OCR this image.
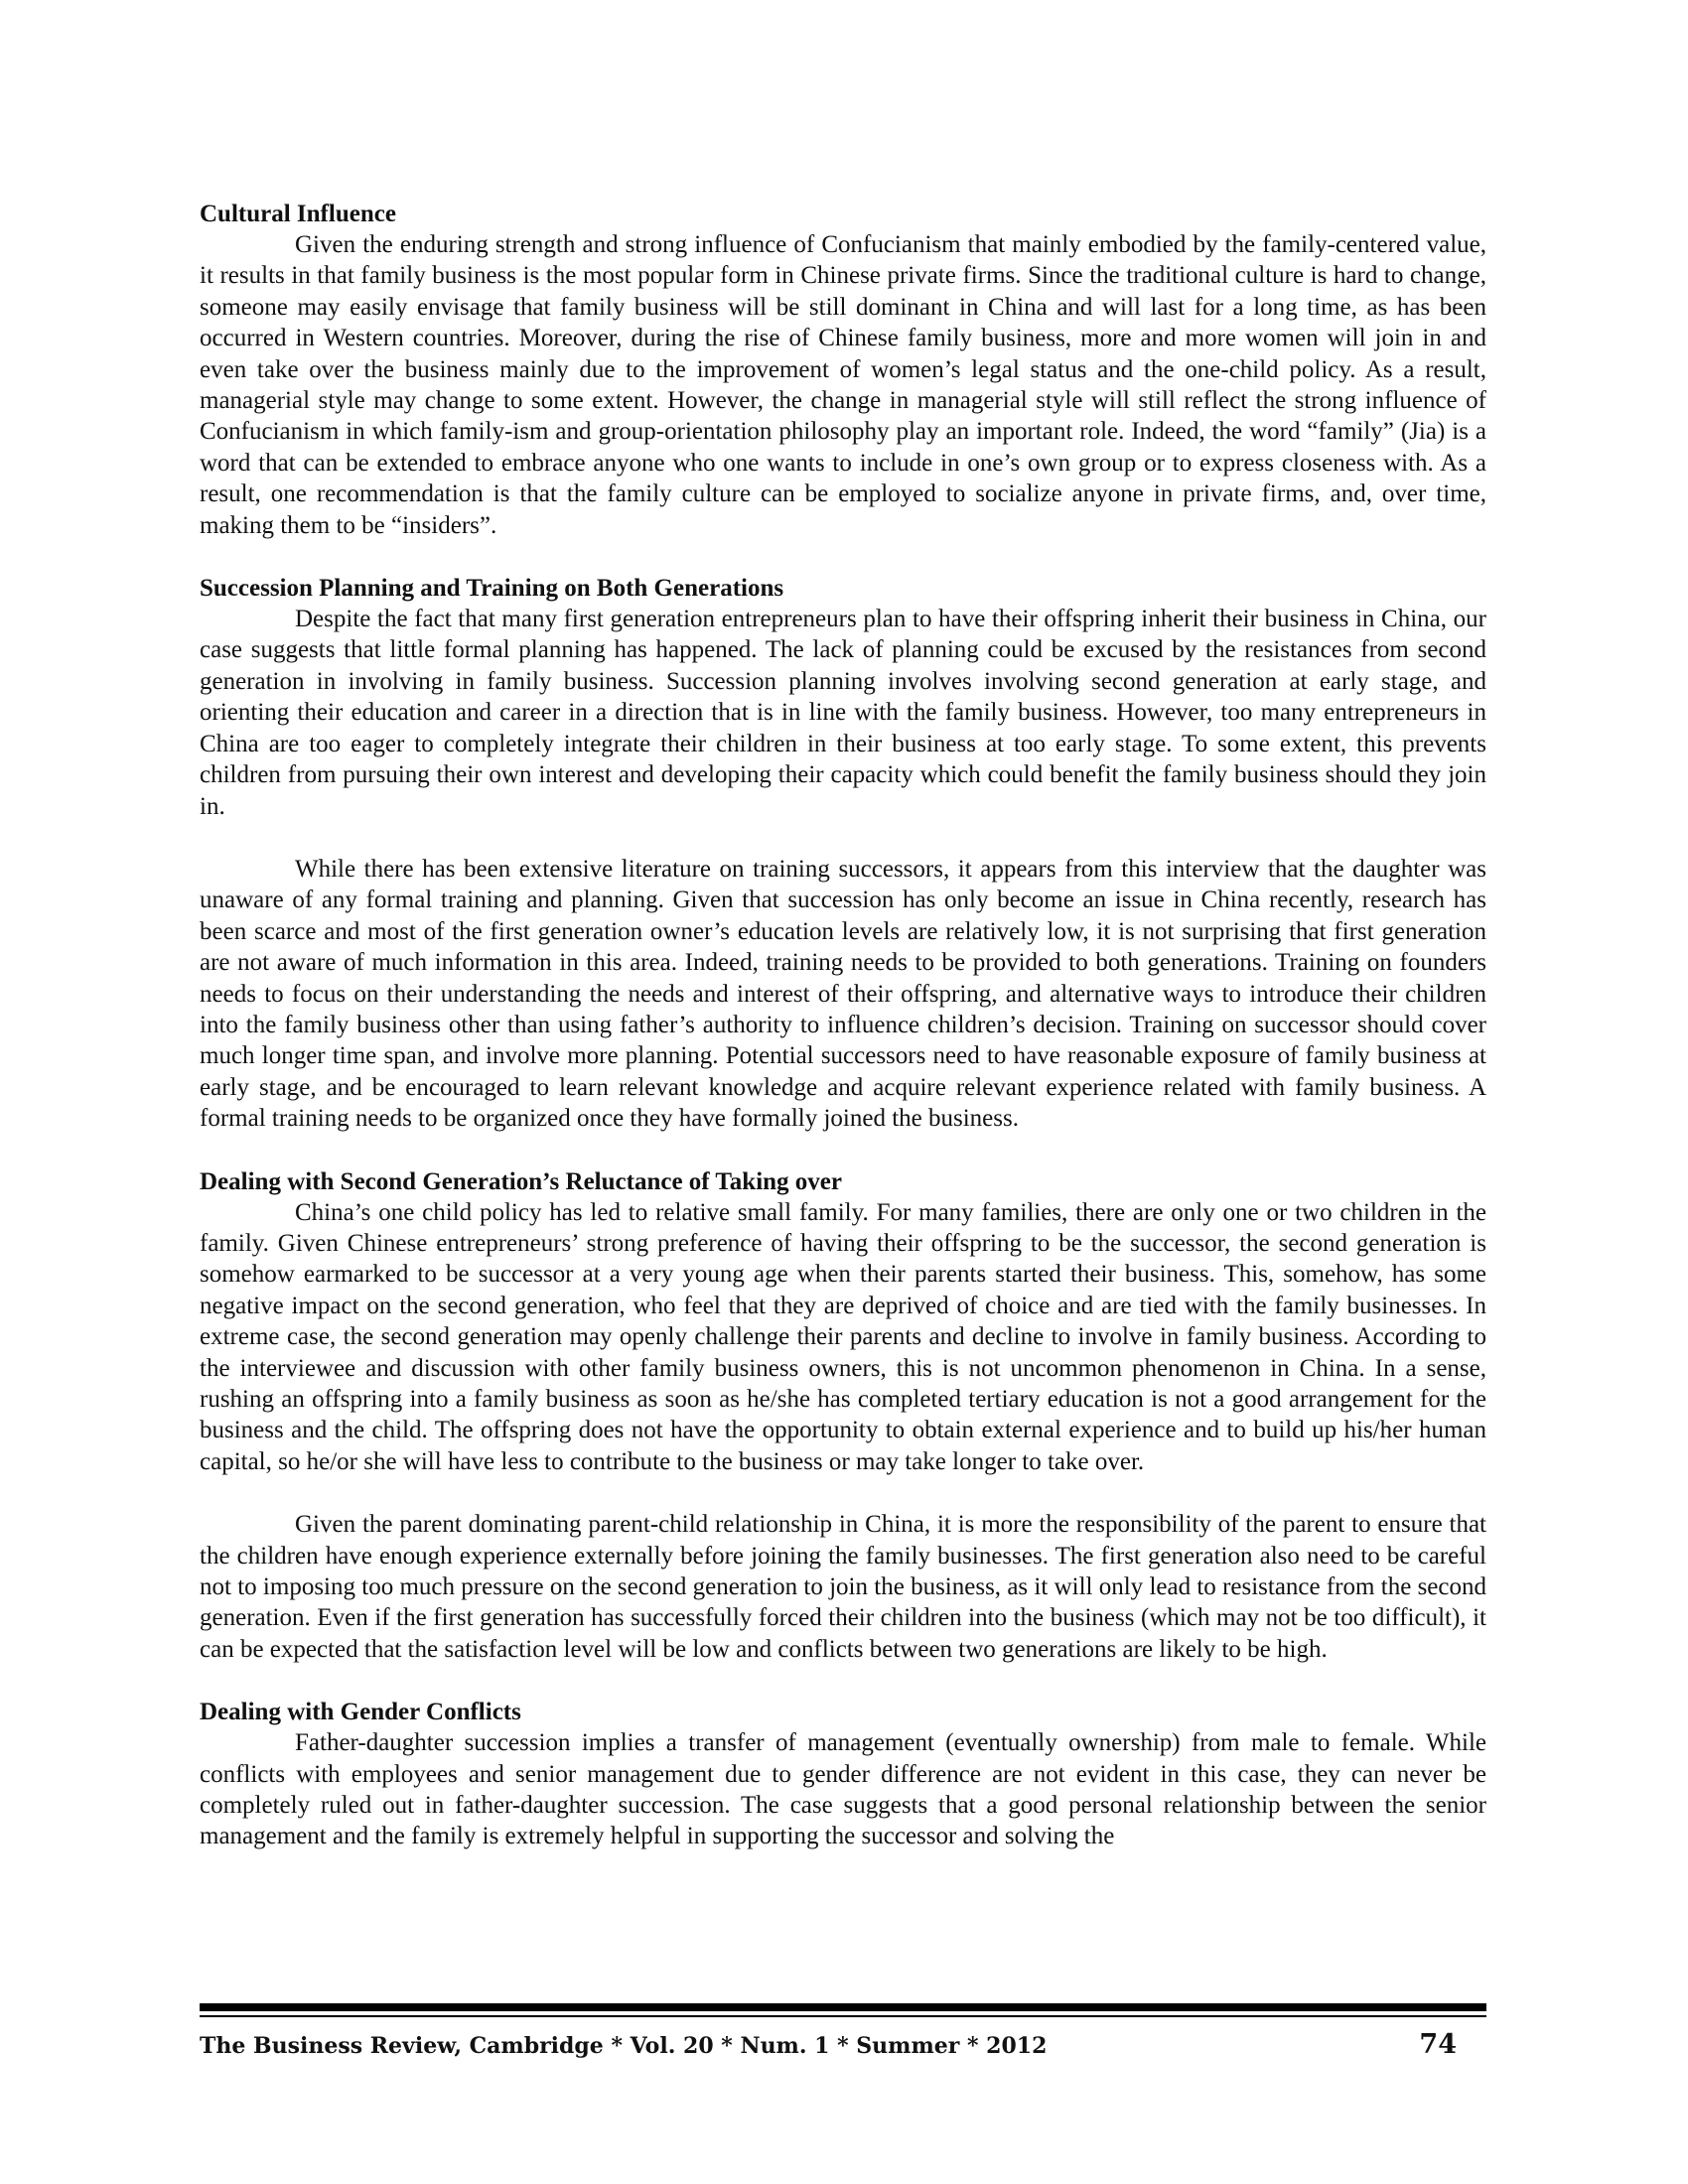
Cultural Influence

Given the enduring strength and strong influence of Confucianism that mainly embodied by the family-centered value, it results in that family business is the most popular form in Chinese private firms. Since the traditional culture is hard to change, someone may easily envisage that family business will be still dominant in China and will last for a long time, as has been occurred in Western countries. Moreover, during the rise of Chinese family business, more and more women will join in and even take over the business mainly due to the improvement of women’s legal status and the one-child policy. As a result, managerial style may change to some extent. However, the change in managerial style will still reflect the strong influence of Confucianism in which family-ism and group-orientation philosophy play an important role. Indeed, the word “family” (Jia) is a word that can be extended to embrace anyone who one wants to include in one’s own group or to express closeness with. As a result, one recommendation is that the family culture can be employed to socialize anyone in private firms, and, over time, making them to be “insiders”.

Succession Planning and Training on Both Generations

Despite the fact that many first generation entrepreneurs plan to have their offspring inherit their business in China, our case suggests that little formal planning has happened. The lack of planning could be excused by the resistances from second generation in involving in family business. Succession planning involves involving second generation at early stage, and orienting their education and career in a direction that is in line with the family business. However, too many entrepreneurs in China are too eager to completely integrate their children in their business at too early stage. To some extent, this prevents children from pursuing their own interest and developing their capacity which could benefit the family business should they join in.

While there has been extensive literature on training successors, it appears from this interview that the daughter was unaware of any formal training and planning. Given that succession has only become an issue in China recently, research has been scarce and most of the first generation owner’s education levels are relatively low, it is not surprising that first generation are not aware of much information in this area. Indeed, training needs to be provided to both generations. Training on founders needs to focus on their understanding the needs and interest of their offspring, and alternative ways to introduce their children into the family business other than using father’s authority to influence children’s decision. Training on successor should cover much longer time span, and involve more planning. Potential successors need to have reasonable exposure of family business at early stage, and be encouraged to learn relevant knowledge and acquire relevant experience related with family business. A formal training needs to be organized once they have formally joined the business.

Dealing with Second Generation’s Reluctance of Taking over

China’s one child policy has led to relative small family. For many families, there are only one or two children in the family. Given Chinese entrepreneurs’ strong preference of having their offspring to be the successor, the second generation is somehow earmarked to be successor at a very young age when their parents started their business. This, somehow, has some negative impact on the second generation, who feel that they are deprived of choice and are tied with the family businesses. In extreme case, the second generation may openly challenge their parents and decline to involve in family business. According to the interviewee and discussion with other family business owners, this is not uncommon phenomenon in China. In a sense, rushing an offspring into a family business as soon as he/she has completed tertiary education is not a good arrangement for the business and the child. The offspring does not have the opportunity to obtain external experience and to build up his/her human capital, so he/or she will have less to contribute to the business or may take longer to take over.

Given the parent dominating parent-child relationship in China, it is more the responsibility of the parent to ensure that the children have enough experience externally before joining the family businesses. The first generation also need to be careful not to imposing too much pressure on the second generation to join the business, as it will only lead to resistance from the second generation. Even if the first generation has successfully forced their children into the business (which may not be too difficult), it can be expected that the satisfaction level will be low and conflicts between two generations are likely to be high.

Dealing with Gender Conflicts

Father-daughter succession implies a transfer of management (eventually ownership) from male to female. While conflicts with employees and senior management due to gender difference are not evident in this case, they can never be completely ruled out in father-daughter succession. The case suggests that a good personal relationship between the senior management and the family is extremely helpful in supporting the successor and solving the

The Business Review, Cambridge * Vol. 20 * Num. 1 * Summer * 2012	74
